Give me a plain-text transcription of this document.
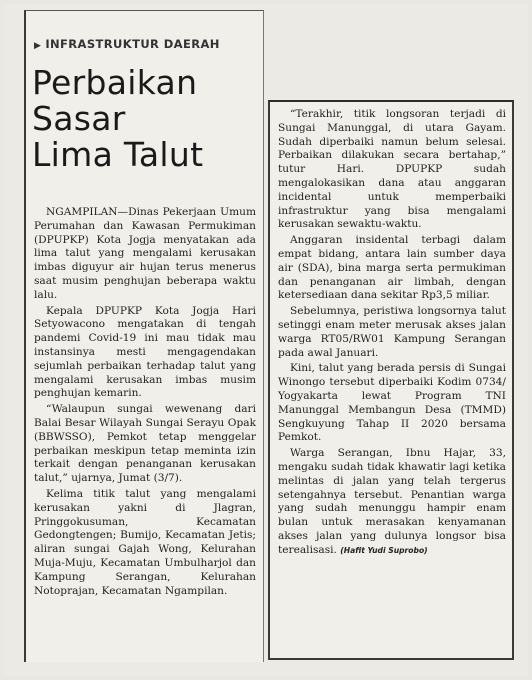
▶ INFRASTRUKTUR DAERAH
Perbaikan
Sasar
Lima Talut

NGAMPILAN—Dinas Pekerjaan Umum Perumahan dan Kawasan Permukiman (DPUPKP) Kota Jogja menyatakan ada lima talut yang mengalami kerusakan imbas diguyur air hujan terus menerus saat musim penghujan beberapa waktu lalu.

Kepala DPUPKP Kota Jogja Hari Setyowacono mengatakan di tengah pandemi Covid-19 ini mau tidak mau instansinya mesti mengagendakan sejumlah perbaikan terhadap talut yang mengalami kerusakan imbas musim penghujan kemarin.

“Walaupun sungai wewenang dari Balai Besar Wilayah Sungai Serayu Opak (BBWSSO), Pemkot tetap menggelar perbaikan meskipun tetap meminta izin terkait dengan penanganan kerusakan talut,” ujarnya, Jumat (3/7).

Kelima titik talut yang mengalami kerusakan yakni di Jlagran, Pringgokusuman, Kecamatan Gedongtengen; Bumijo, Kecamatan Jetis; aliran sungai Gajah Wong, Kelurahan Muja-Muju, Kecamatan Umbulharjol dan Kampung Serangan, Kelurahan Notoprajan, Kecamatan Ngampilan.

“Terakhir, titik longsoran terjadi di Sungai Manunggal, di utara Gayam. Sudah diperbaiki namun belum selesai. Perbaikan dilakukan secara bertahap,” tutur Hari. DPUPKP sudah mengalokasikan dana atau anggaran incidental untuk memperbaiki infrastruktur yang bisa mengalami kerusakan sewaktu-waktu.

Anggaran insidental terbagi dalam empat bidang, antara lain sumber daya air (SDA), bina marga serta permukiman dan penanganan air limbah, dengan ketersediaan dana sekitar Rp3,5 miliar.

Sebelumnya, peristiwa longsornya talut setinggi enam meter merusak akses jalan warga RT05/RW01 Kampung Serangan pada awal Januari.

Kini, talut yang berada persis di Sungai Winongo tersebut diperbaiki Kodim 0734/ Yogyakarta lewat Program TNI Manunggal Membangun Desa (TMMD) Sengkuyung Tahap II 2020 bersama Pemkot.

Warga Serangan, Ibnu Hajar, 33, mengaku sudah tidak khawatir lagi ketika melintas di jalan yang telah tergerus setengahnya tersebut. Penantian warga yang sudah menunggu hampir enam bulan untuk merasakan kenyamanan akses jalan yang dulunya longsor bisa terealisasi. (Hafit Yudi Suprobo)
